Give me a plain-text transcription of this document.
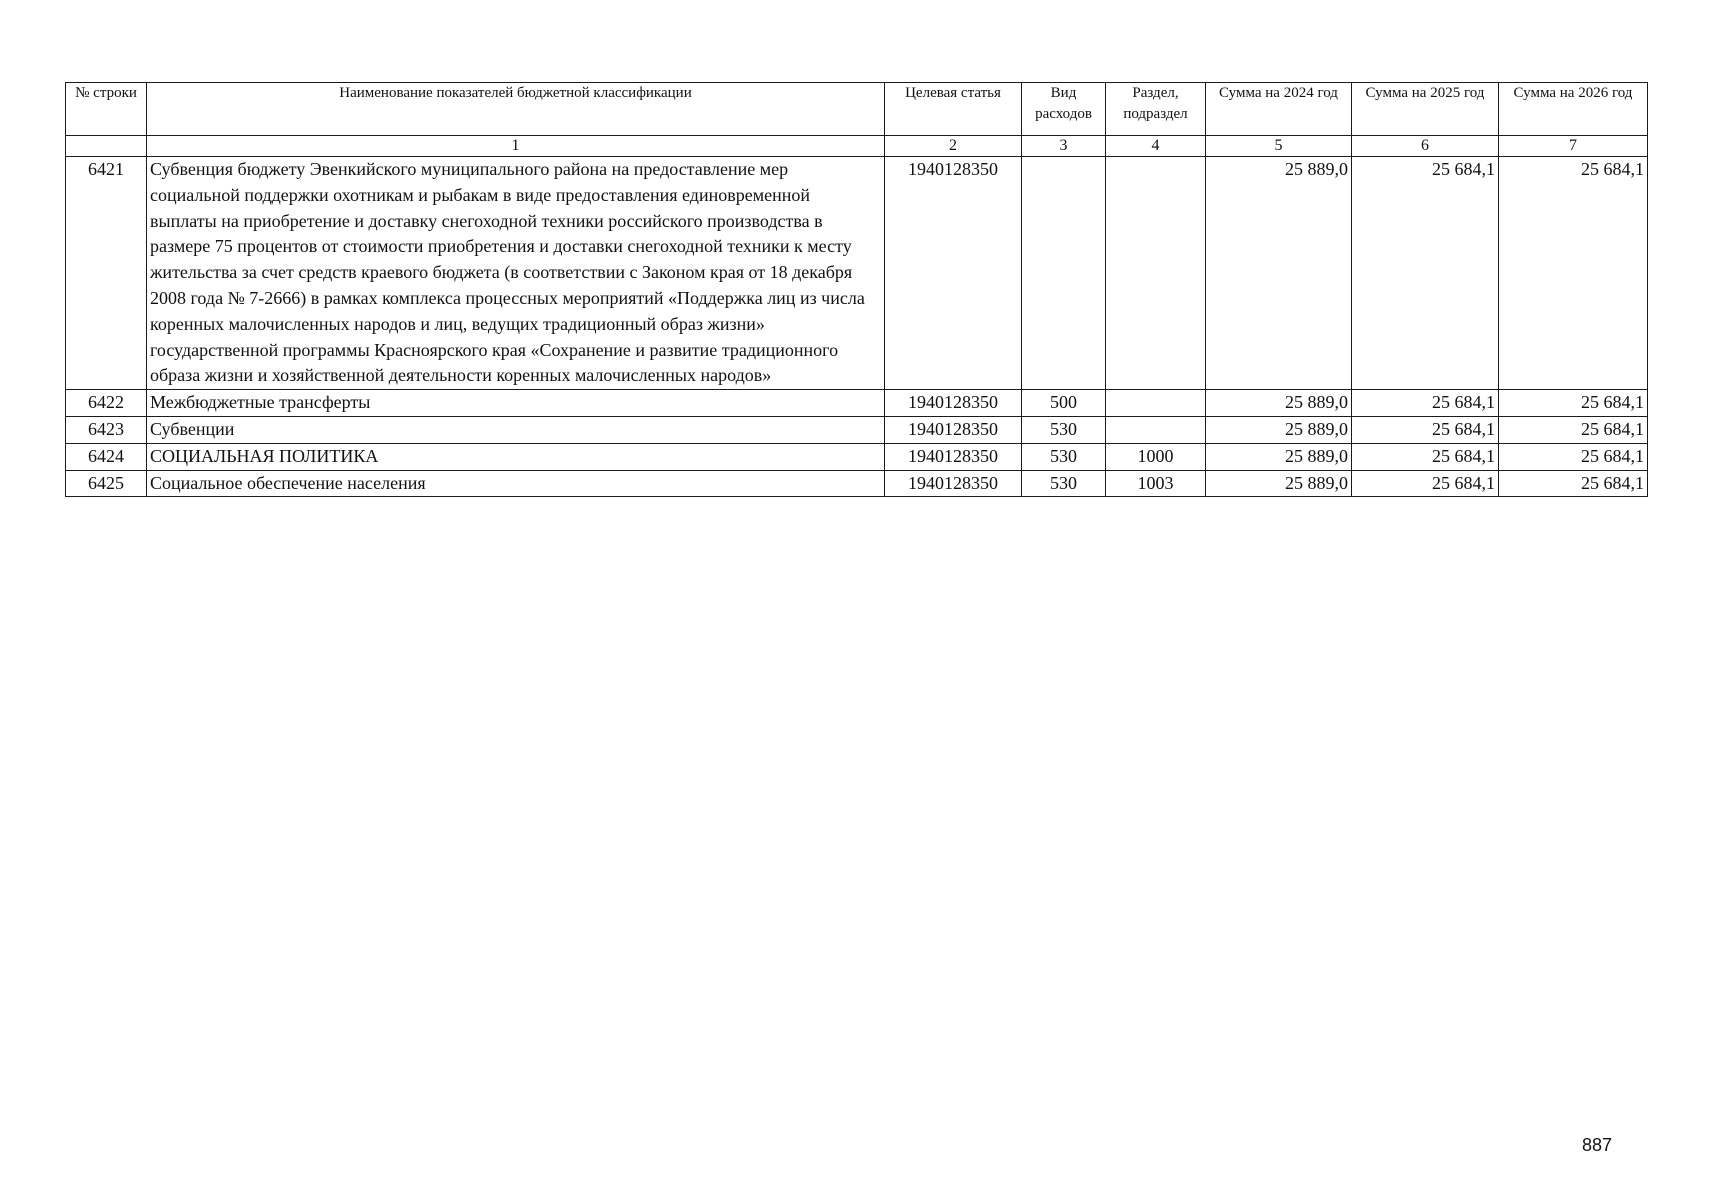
№ строки	Наименование показателей бюджетной классификации	Целевая статья	Вид расходов	Раздел, подраздел	Сумма на 2024 год	Сумма на 2025 год	Сумма на 2026 год
	1	2	3	4	5	6	7
6421	Субвенция бюджету Эвенкийского муниципального района на предоставление мер социальной поддержки охотникам и рыбакам в виде предоставления единовременной выплаты на приобретение и доставку снегоходной техники российского производства в размере 75 процентов от стоимости приобретения и доставки снегоходной техники к месту жительства за счет средств краевого бюджета (в соответствии с Законом края от 18 декабря 2008 года № 7-2666) в рамках комплекса процессных мероприятий «Поддержка лиц из числа коренных малочисленных народов и лиц, ведущих традиционный образ жизни» государственной программы Красноярского края «Сохранение и развитие традиционного образа жизни и хозяйственной деятельности коренных малочисленных народов»	1940128350			25 889,0	25 684,1	25 684,1
6422	Межбюджетные трансферты	1940128350	500		25 889,0	25 684,1	25 684,1
6423	Субвенции	1940128350	530		25 889,0	25 684,1	25 684,1
6424	СОЦИАЛЬНАЯ ПОЛИТИКА	1940128350	530	1000	25 889,0	25 684,1	25 684,1
6425	Социальное обеспечение населения	1940128350	530	1003	25 889,0	25 684,1	25 684,1
887
